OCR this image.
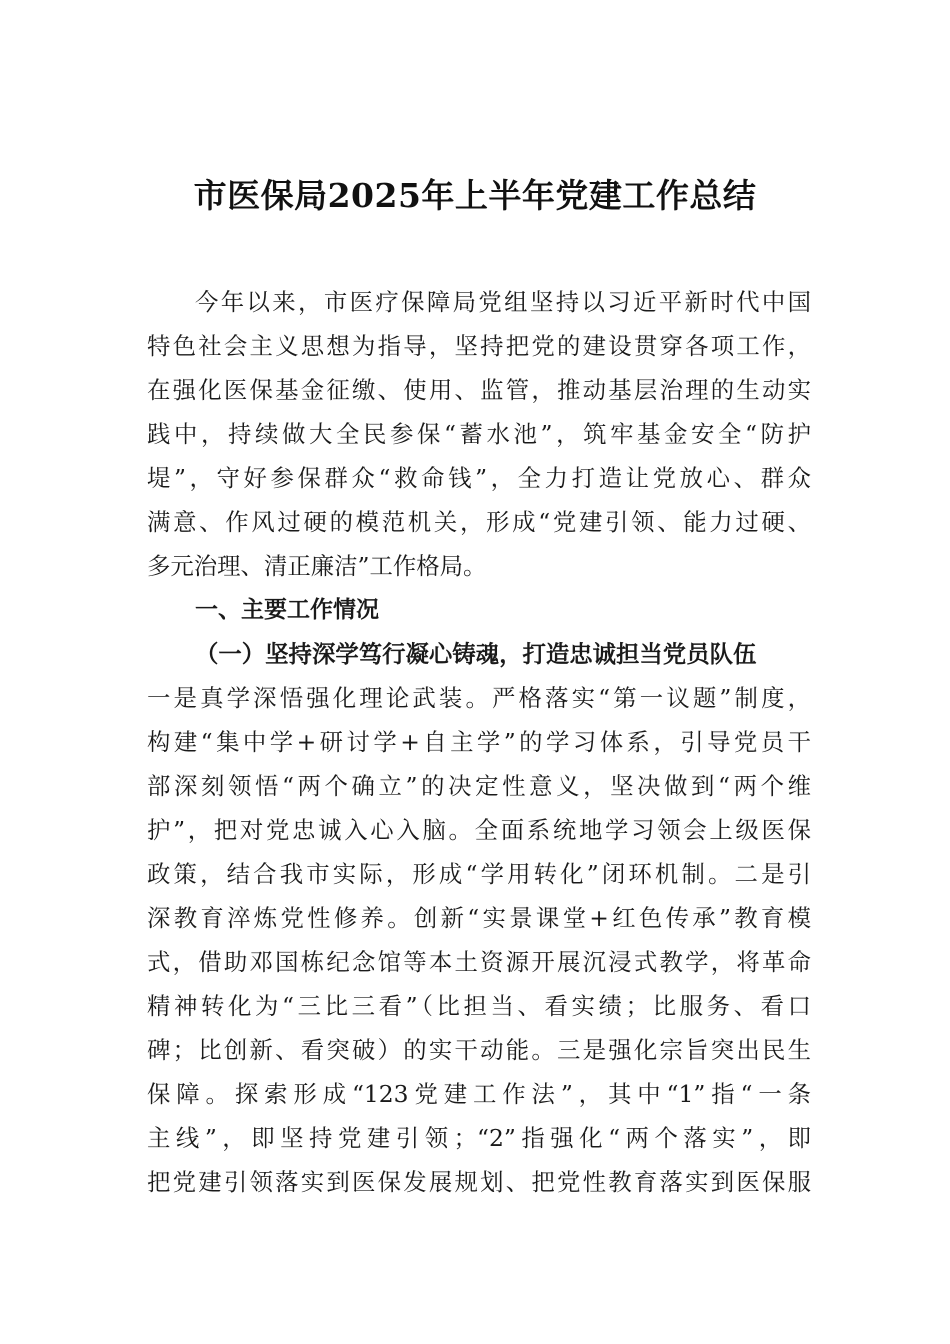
市医保局2025年上半年党建工作总结
今年以来，市医疗保障局党组坚持以习近平新时代中国
特色社会主义思想为指导，坚持把党的建设贯穿各项工作，
在强化医保基金征缴、使用、监管，推动基层治理的生动实
践中，持续做大全民参保“蓄水池”，筑牢基金安全“防护
堤”，守好参保群众“救命钱”，全力打造让党放心、群众
满意、作风过硬的模范机关，形成“党建引领、能力过硬、
多元治理、清正廉洁”工作格局。
一、主要工作情况
（一）坚持深学笃行凝心铸魂，打造忠诚担当党员队伍
一是真学深悟强化理论武装。严格落实“第一议题”制度，
构建“集中学+研讨学+自主学”的学习体系，引导党员干
部深刻领悟“两个确立”的决定性意义，坚决做到“两个维
护”，把对党忠诚入心入脑。全面系统地学习领会上级医保
政策，结合我市实际，形成“学用转化”闭环机制。二是引
深教育淬炼党性修养。创新“实景课堂+红色传承”教育模
式，借助邓国栋纪念馆等本土资源开展沉浸式教学，将革命
精神转化为“三比三看”（比担当、看实绩；比服务、看口
碑；比创新、看突破）的实干动能。三是强化宗旨突出民生
保障。探索形成“123党建工作法”，其中“1”指“一条
主线”，即坚持党建引领；“2”指强化“两个落实”，即
把党建引领落实到医保发展规划、把党性教育落实到医保服
